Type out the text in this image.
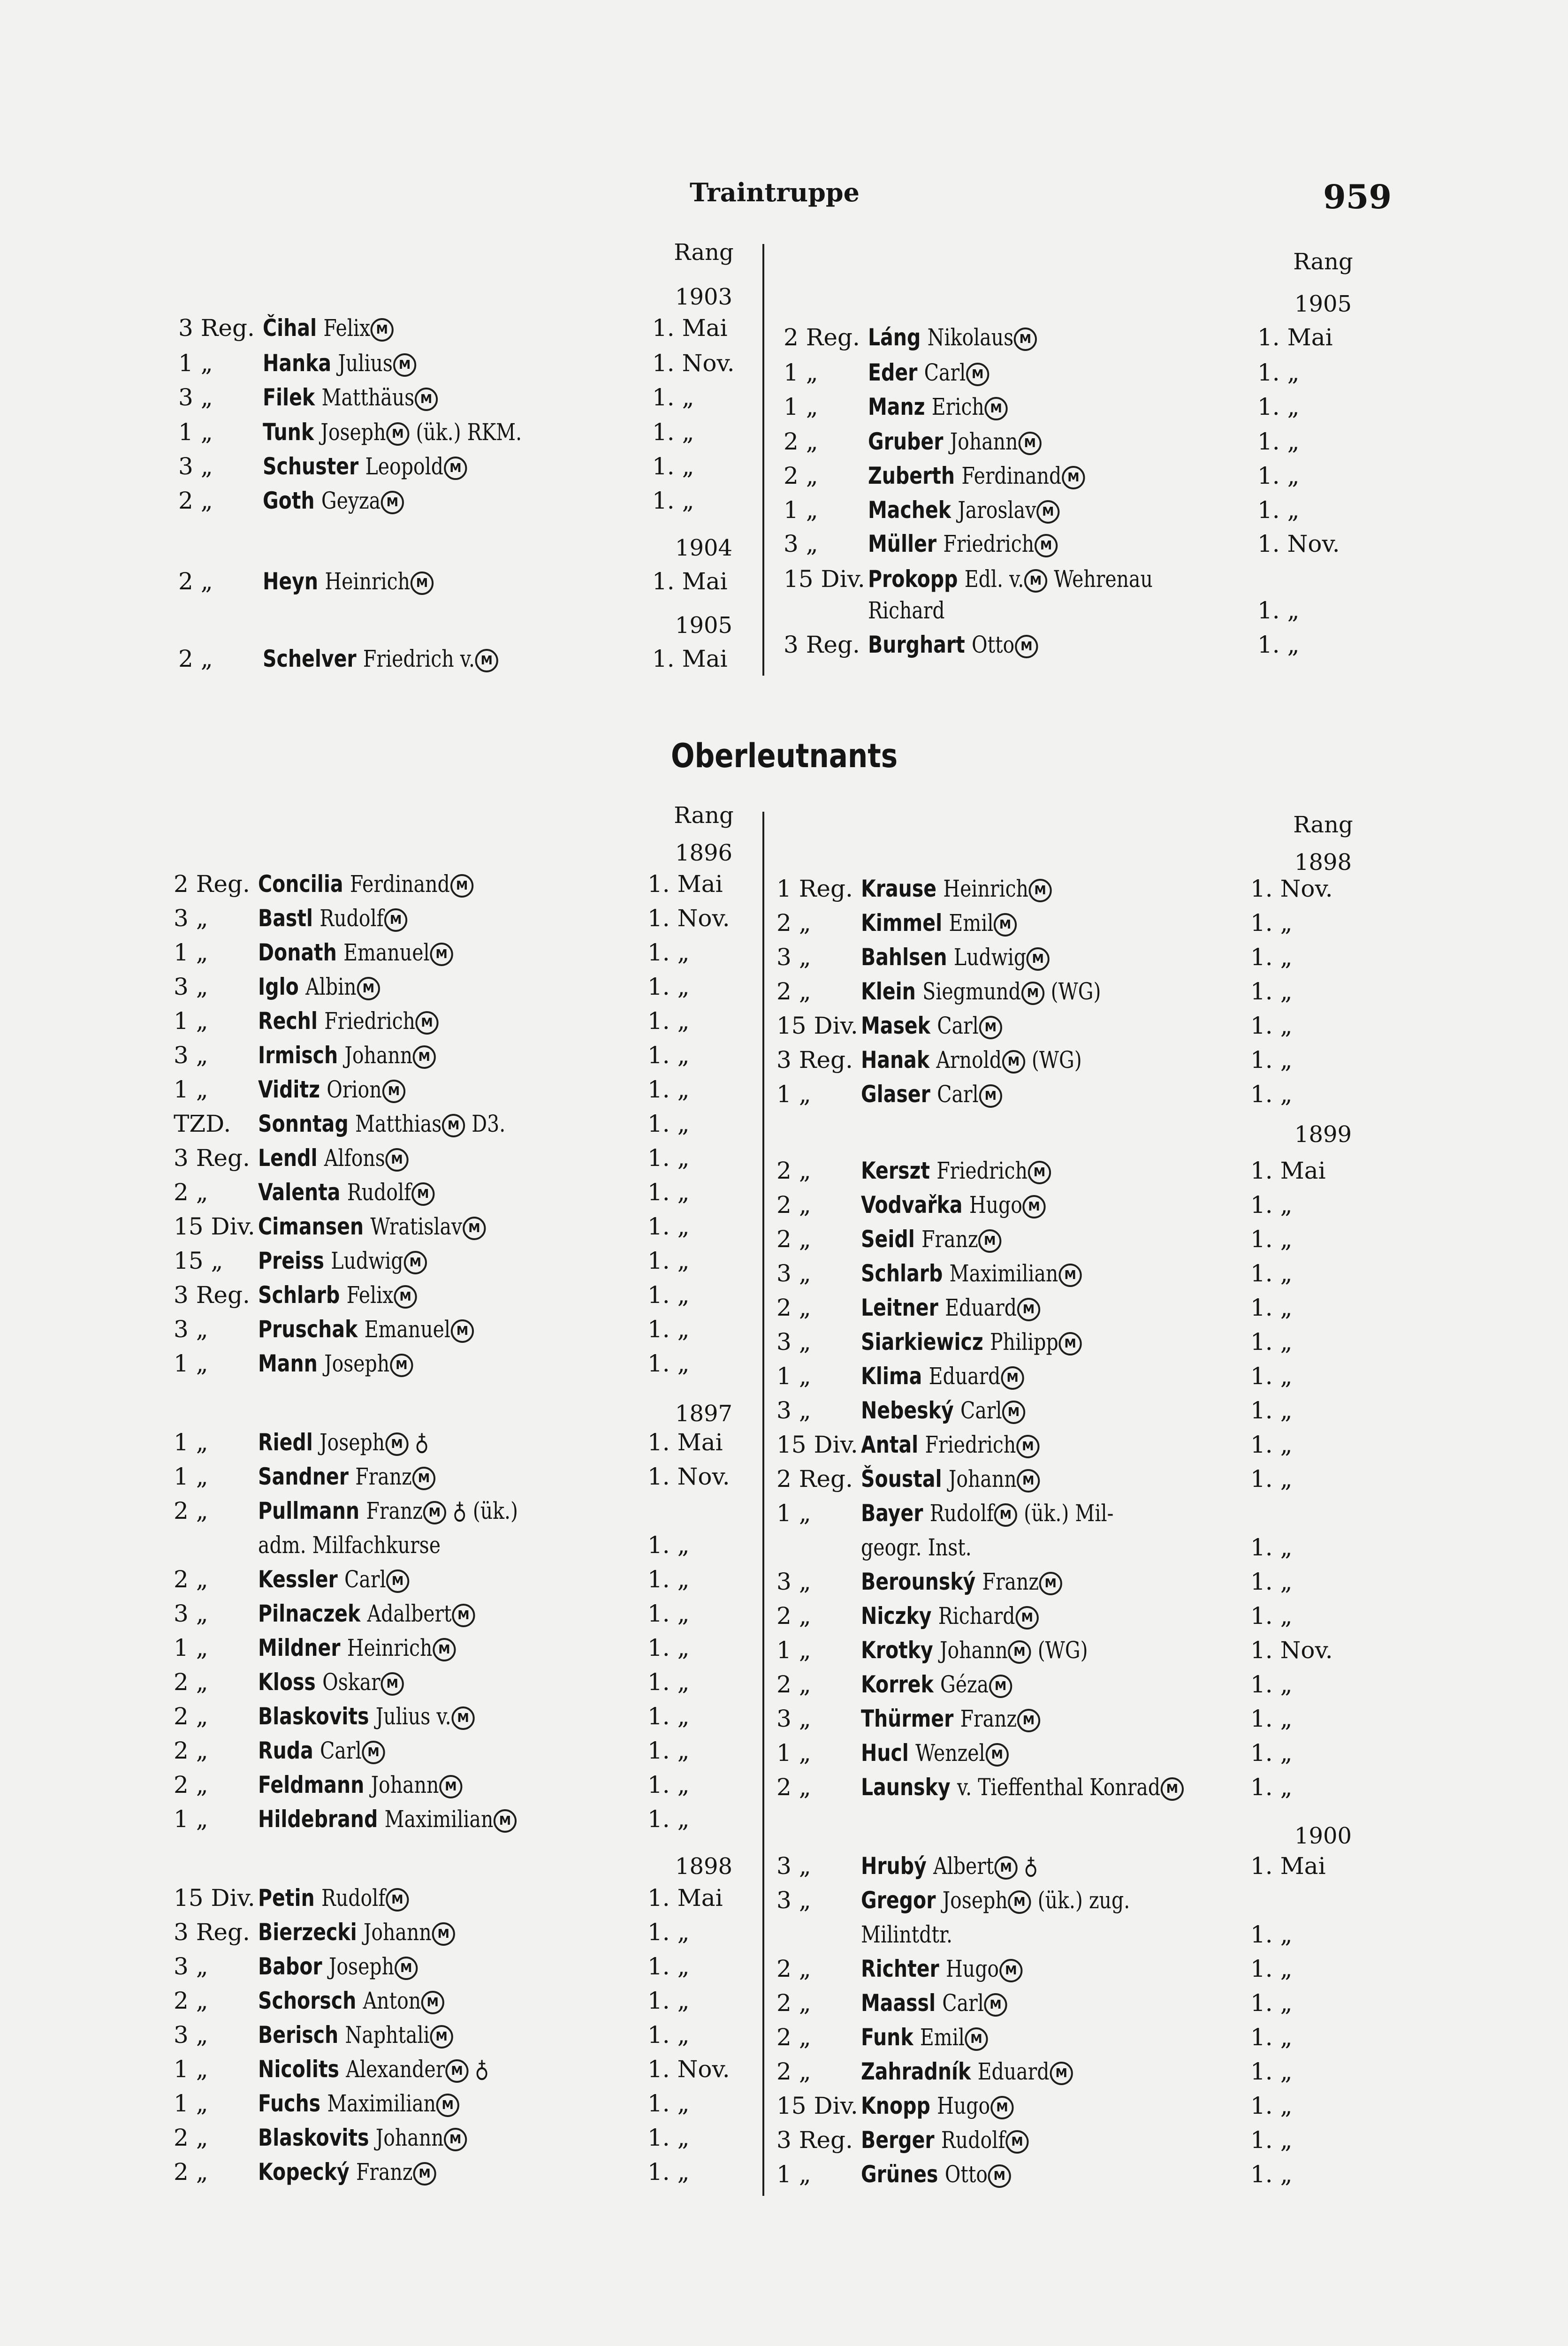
Traintruppe	959
Rang
1903
Rang
1905
1904
1905
3 Reg. Čihal Felix M	1. Mai
1 „	Hanka Julius M	1. Nov.
3 „	Filek Matthäus M	1. „
1 „	Tunk Joseph M (ük.) RKM.	1. „
3 „	Schuster Leopold M	1. „
2 „	Goth Geyza M	1. „
2 „	Heyn Heinrich M	1. Mai
2 „	Schelver Friedrich v. M	1. Mai
2 Reg. Láng Nikolaus M	1. Mai
1 „	Eder Carl M	1. „
1 „	Manz Erich M	1. „
2 „	Gruber Johann M	1. „
2 „	Zuberth Ferdinand M	1. „
1 „	Machek Jaroslav M	1. „
3 „	Müller Friedrich M	1. Nov.
15 Div. Prokopp Edl. v. M Wehrenau
Richard	1. „
3 Reg. Burghart Otto M	1. „
Oberleutnants
Rang	Rang
1896	1898
1897
1899
1898
1900
2 Reg. Concilia Ferdinand M	1. Mai
3 „	Bastl Rudolf M	1. Nov.
1 „	Donath Emanuel M	1. „
3 „	Iglo Albin M	1. „
1 „	Rechl Friedrich M	1. „
3 „	Irmisch Johann M	1. „
1 „	Viditz Orion M	1. „
TZD.	Sonntag Matthias M D3.	1. „
3 Reg. Lendl Alfons M	1. „
2 „	Valenta Rudolf M	1. „
15 Div. Cimansen Wratislav M	1. „
15 „	Preiss Ludwig M	1. „
3 Reg. Schlarb Felix M	1. „
3 „	Pruschak Emanuel M	1. „
1 „	Mann Joseph M	1. „
1 „	Riedl Joseph M ♁	1. Mai
1 „	Sandner Franz M	1. Nov.
2 „	Pullmann Franz M ♁ (ük.)
adm. Milfachkurse	1. „
2 „	Kessler Carl M	1. „
3 „	Pilnaczek Adalbert M	1. „
1 „	Mildner Heinrich M	1. „
2 „	Kloss Oskar M	1. „
2 „	Blaskovits Julius v. M	1. „
2 „	Ruda Carl M	1. „
2 „	Feldmann Johann M	1. „
1 „	Hildebrand Maximilian M	1. „
15 Div. Petin Rudolf M	1. Mai
3 Reg. Bierzecki Johann M	1. „
3 „	Babor Joseph M	1. „
2 „	Schorsch Anton M	1. „
3 „	Berisch Naphtali M	1. „
1 „	Nicolits Alexander M ♁	1. Nov.
1 „	Fuchs Maximilian M	1. „
2 „	Blaskovits Johann M	1. „
2 „	Kopecký Franz M	1. „
1 Reg. Krause Heinrich M	1. Nov.
2 „	Kimmel Emil M	1. „
3 „	Bahlsen Ludwig M	1. „
2 „	Klein Siegmund M (WG)	1. „
15 Div. Masek Carl M	1. „
3 Reg. Hanak Arnold M (WG)	1. „
1 „	Glaser Carl M	1. „
2 „	Kerszt Friedrich M	1. Mai
2 „	Vodvařka Hugo M	1. „
2 „	Seidl Franz M	1. „
3 „	Schlarb Maximilian M	1. „
2 „	Leitner Eduard M	1. „
3 „	Siarkiewicz Philipp M	1. „
1 „	Klima Eduard M	1. „
3 „	Nebeský Carl M	1. „
15 Div. Antal Friedrich M	1. „
2 Reg. Šoustal Johann M	1. „
1 „	Bayer Rudolf M (ük.) Mil-
geogr. Inst.	1. „
3 „	Berounský Franz M	1. „
2 „	Niczky Richard M	1. „
1 „	Krotky Johann M (WG)	1. Nov.
2 „	Korrek Géza M	1. „
3 „	Thürmer Franz M	1. „
1 „	Hucl Wenzel M	1. „
2 „	Launsky v. Tieffenthal Konrad M	1. „
3 „	Hrubý Albert M ♁	1. Mai
3 „	Gregor Joseph M (ük.) zug.
Milintdtr.	1. „
2 „	Richter Hugo M	1. „
2 „	Maassl Carl M	1. „
2 „	Funk Emil M	1. „
2 „	Zahradník Eduard M	1. „
15 Div. Knopp Hugo M	1. „
3 Reg. Berger Rudolf M	1. „
1 „	Grünes Otto M	1. „
